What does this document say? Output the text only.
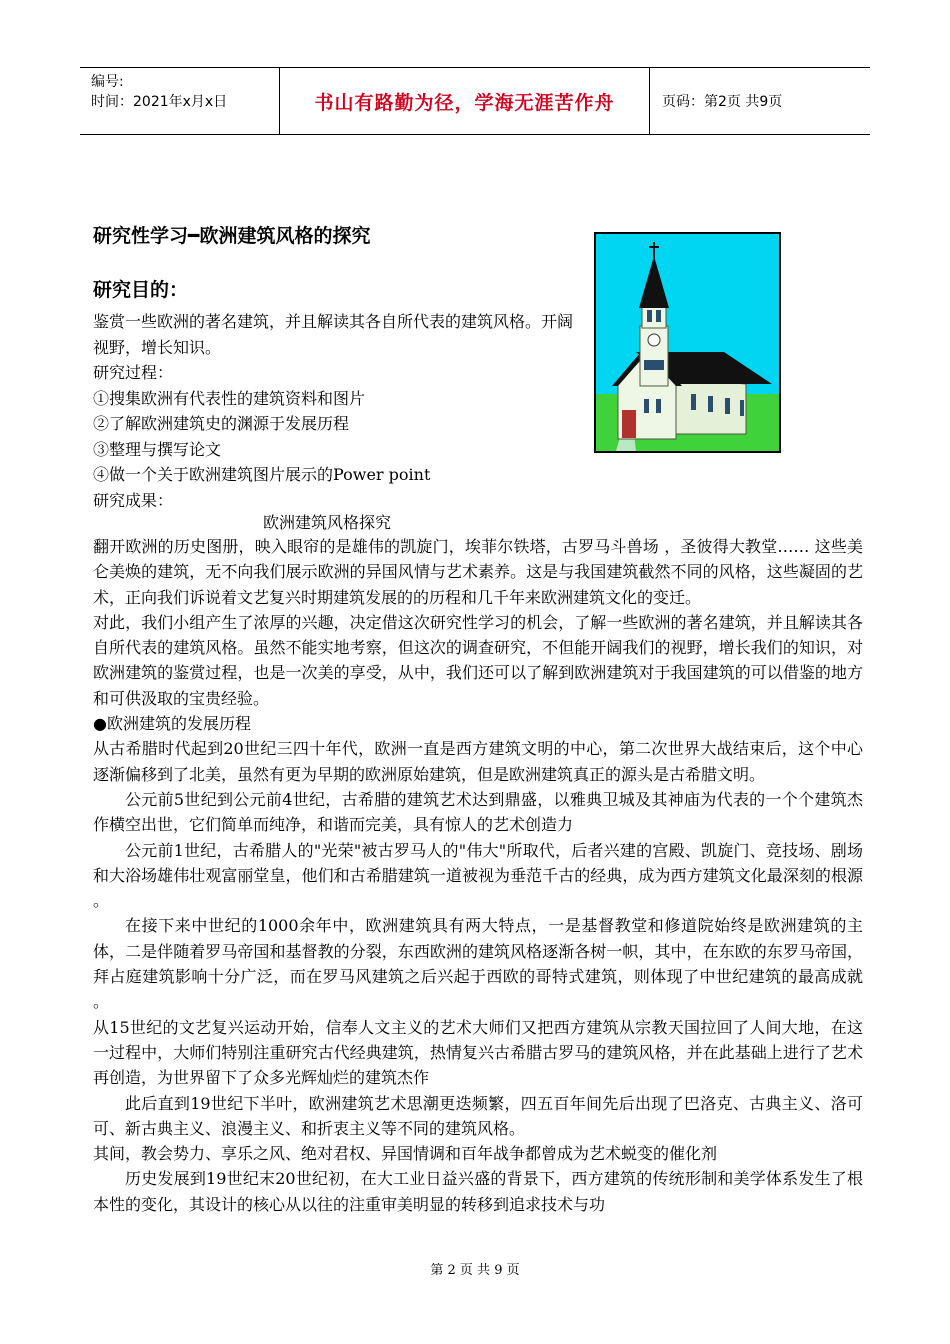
编号:
时间：2021年x月x日	书山有路勤为径，学海无涯苦作舟	页码：第2页 共9页
研究性学习━欧洲建筑风格的探究
研究目的：
鉴赏一些欧洲的著名建筑，并且解读其各自所代表的建筑风格。开阔视野，增长知识。
研究过程：
①搜集欧洲有代表性的建筑资料和图片
②了解欧洲建筑史的渊源于发展历程
③整理与撰写论文
④做一个关于欧洲建筑图片展示的Power point
研究成果：
欧洲建筑风格探究

翻开欧洲的历史图册，映入眼帘的是雄伟的凯旋门，埃菲尔铁塔，古罗马斗兽场 ，圣彼得大教堂…… 这些美仑美焕的建筑，无不向我们展示欧洲的异国风情与艺术素养。这是与我国建筑截然不同的风格，这些凝固的艺术，正向我们诉说着文艺复兴时期建筑发展的的历程和几千年来欧洲建筑文化的变迁。

对此，我们小组产生了浓厚的兴趣，决定借这次研究性学习的机会，了解一些欧洲的著名建筑，并且解读其各自所代表的建筑风格。虽然不能实地考察，但这次的调查研究，不但能开阔我们的视野，增长我们的知识，对欧洲建筑的鉴赏过程，也是一次美的享受，从中，我们还可以了解到欧洲建筑对于我国建筑的可以借鉴的地方和可供汲取的宝贵经验。

●欧洲建筑的发展历程

从古希腊时代起到20世纪三四十年代，欧洲一直是西方建筑文明的中心，第二次世界大战结束后，这个中心逐渐偏移到了北美，虽然有更为早期的欧洲原始建筑，但是欧洲建筑真正的源头是古希腊文明。

公元前5世纪到公元前4世纪，古希腊的建筑艺术达到鼎盛，以雅典卫城及其神庙为代表的一个个建筑杰作横空出世，它们简单而纯净，和谐而完美，具有惊人的艺术创造力

公元前1世纪，古希腊人的"光荣"被古罗马人的"伟大"所取代，后者兴建的宫殿、凯旋门、竞技场、剧场和大浴场雄伟壮观富丽堂皇，他们和古希腊建筑一道被视为垂范千古的经典，成为西方建筑文化最深刻的根源 。

在接下来中世纪的1000余年中，欧洲建筑具有两大特点，一是基督教堂和修道院始终是欧洲建筑的主体，二是伴随着罗马帝国和基督教的分裂，东西欧洲的建筑风格逐渐各树一帜，其中，在东欧的东罗马帝国，拜占庭建筑影响十分广泛，而在罗马风建筑之后兴起于西欧的哥特式建筑，则体现了中世纪建筑的最高成就 。

从15世纪的文艺复兴运动开始，信奉人文主义的艺术大师们又把西方建筑从宗教天国拉回了人间大地，在这一过程中，大师们特别注重研究古代经典建筑，热情复兴古希腊古罗马的建筑风格，并在此基础上进行了艺术再创造，为世界留下了众多光辉灿烂的建筑杰作

此后直到19世纪下半叶，欧洲建筑艺术思潮更迭频繁，四五百年间先后出现了巴洛克、古典主义、洛可可、新古典主义、浪漫主义、和折衷主义等不同的建筑风格。

其间，教会势力、享乐之风、绝对君权、异国情调和百年战争都曾成为艺术蜕变的催化剂

历史发展到19世纪末20世纪初，在大工业日益兴盛的背景下，西方建筑的传统形制和美学体系发生了根本性的变化，其设计的核心从以往的注重审美明显的转移到追求技术与功

第 2 页 共 9 页
